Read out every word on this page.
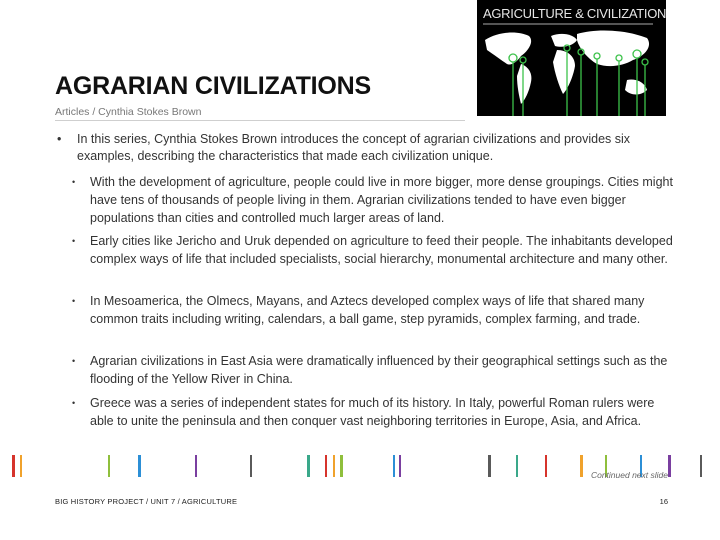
AGRICULTURE & CIVILIZATION
AGRARIAN CIVILIZATIONS
Articles / Cynthia Stokes Brown
• In this series, Cynthia Stokes Brown introduces the concept of agrarian civilizations and provides six examples, describing the characteristics that made each civilization unique.
• With the development of agriculture, people could live in more bigger, more dense groupings. Cities might have tens of thousands of people living in them. Agrarian civilizations tended to have even bigger populations than cities and controlled much larger areas of land.
• Early cities like Jericho and Uruk depended on agriculture to feed their people. The inhabitants developed complex ways of life that included specialists, social hierarchy, monumental architecture and many other.
• In Mesoamerica, the Olmecs, Mayans, and Aztecs developed complex ways of life that shared many common traits including writing, calendars, a ball game, step pyramids, complex farming, and trade.
• Agrarian civilizations in East Asia were dramatically influenced by their geographical settings such as the flooding of the Yellow River in China.
• Greece was a series of independent states for much of its history. In Italy, powerful Roman rulers were able to unite the peninsula and then conquer vast neighboring territories in Europe, Asia, and Africa.
Continued next slide
BIG HISTORY PROJECT / UNIT 7 / AGRICULTURE	16
